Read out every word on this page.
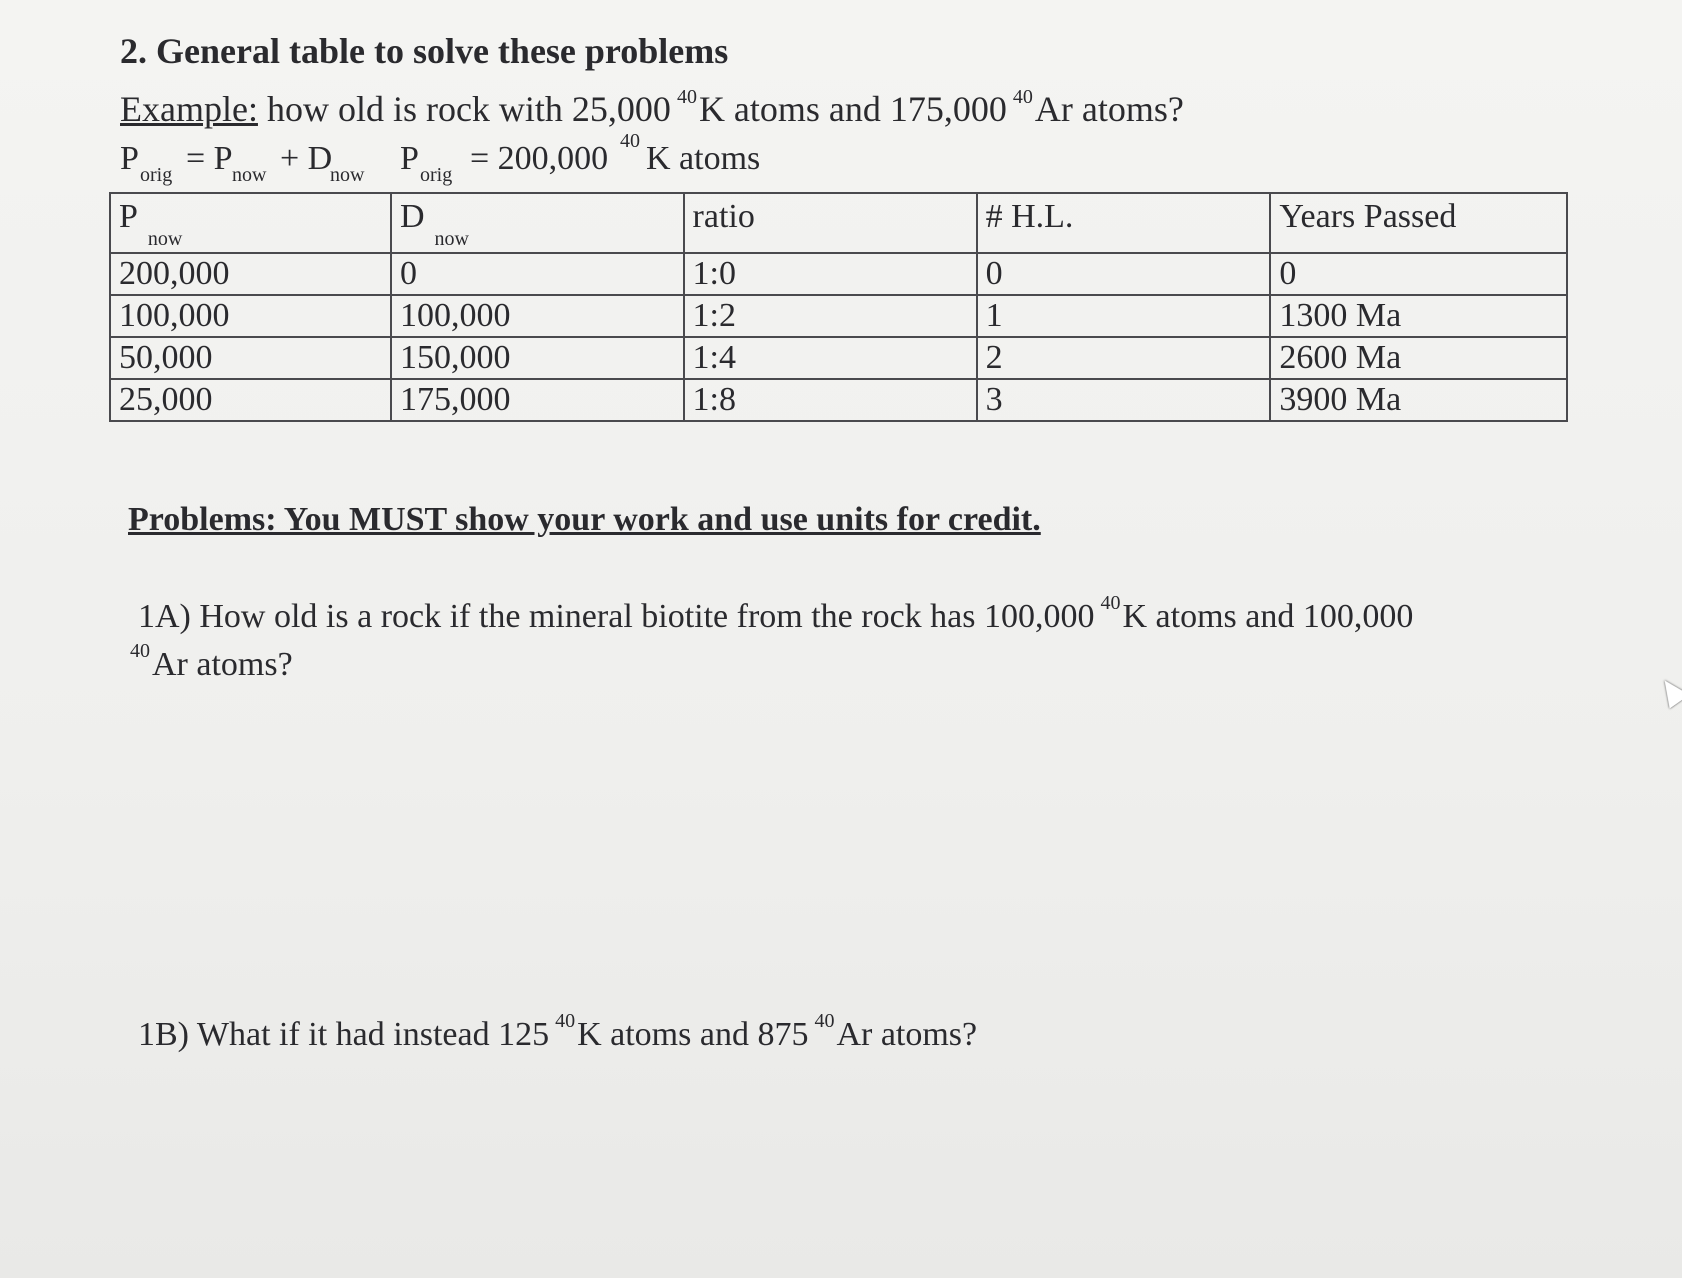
2. General table to solve these problems
Example: how old is rock with 25,000 $^{40}$K atoms and 175,000 $^{40}$Ar atoms?
P orig = P now + D
now P orig = 200,000 40 K atoms
$P_{now}$	$D_{now}$	ratio	# H.L.	Years Passed
200,000	0	1:0	0	0
100,000	100,000	1:2	1	1300 Ma
50,000	150,000	1:4	2	2600 Ma
25,000	175,000	1:8	3	3900 Ma
Problems: You MUST show your work and use units for credit.
1A) How old is a rock if the mineral biotite from the rock has 100,000 $^{40}$K atoms and 100,000
$^{40}$Ar atoms?
1B) What if it had instead 125 $^{40}$K atoms and 875 $^{40}$Ar atoms?
